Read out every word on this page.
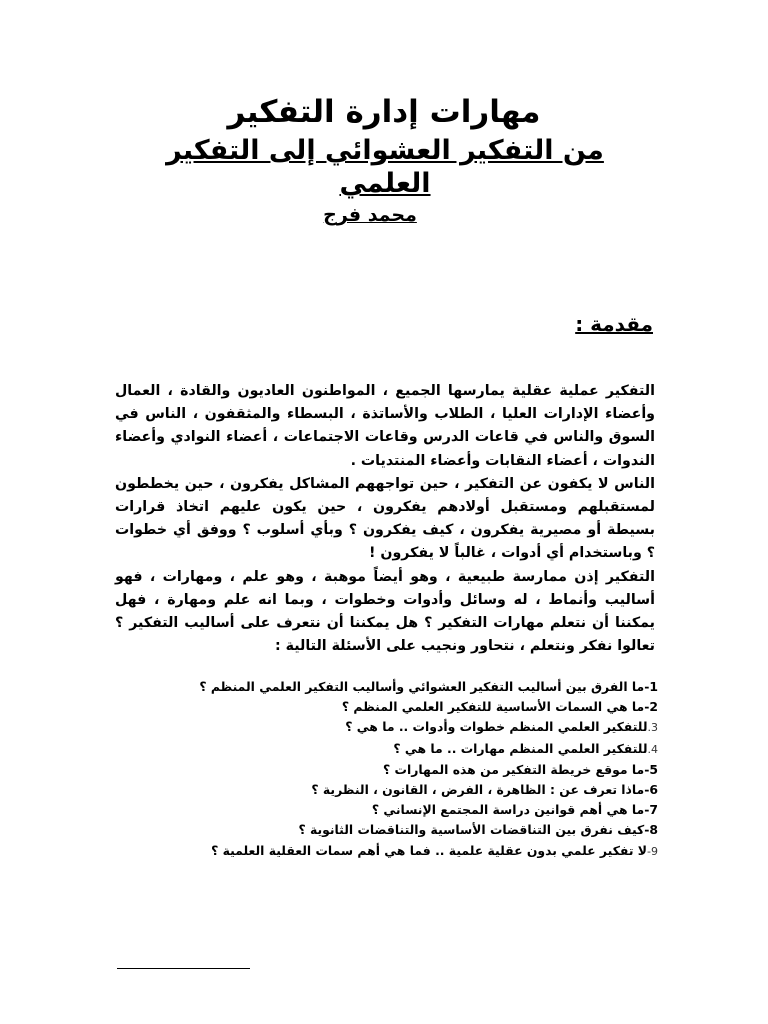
مهارات إدارة التفكير
من التفكير العشوائي إلى التفكير العلمي
محمد فرج
مقدمة :

التفكير عملية عقلية يمارسها الجميع ، المواطنون العاديون والقادة ، العمال وأعضاء الإدارات العليا ، الطلاب والأساتذة ، البسطاء والمثقفون ، الناس في السوق والناس في قاعات الدرس وقاعات الاجتماعات ، أعضاء النوادي وأعضاء الندوات ، أعضاء النقابات وأعضاء المنتديات .

الناس لا يكفون عن التفكير ، حين تواجههم المشاكل يفكرون ، حين يخططون لمستقبلهم ومستقبل أولادهم يفكرون ، حين يكون عليهم اتخاذ قرارات بسيطة أو مصيرية يفكرون ، كيف يفكرون ؟ وبأي أسلوب ؟ ووفق أي خطوات ؟ وباستخدام أي أدوات ، غالباً لا يفكرون !

التفكير إذن ممارسة طبيعية ، وهو أيضاً موهبة ، وهو علم ، ومهارات ، فهو أساليب وأنماط ، له وسائل وأدوات وخطوات ، وبما انه علم ومهارة ، فهل يمكننا أن نتعلم مهارات التفكير ؟ هل يمكننا أن نتعرف على أساليب التفكير ؟ تعالوا نفكر ونتعلم ، نتحاور ونجيب على الأسئلة التالية :

1-ما الفرق بين أساليب التفكير العشوائي وأساليب التفكير العلمي المنظم ؟
2-ما هي السمات الأساسية للتفكير العلمي المنظم ؟
3.للتفكير العلمي المنظم خطوات وأدوات .. ما هي ؟
4.للتفكير العلمي المنظم مهارات .. ما هي ؟
5-ما موقع خريطة التفكير من هذه المهارات ؟
6-ماذا تعرف عن : الظاهرة ، الفرض ، القانون ، النظرية ؟
7-ما هي أهم قوانين دراسة المجتمع الإنساني ؟
8-كيف نفرق بين التناقضات الأساسية والتناقضات الثانوية ؟
9-لا تفكير علمي بدون عقلية علمية .. فما هي أهم سمات العقلية العلمية ؟
